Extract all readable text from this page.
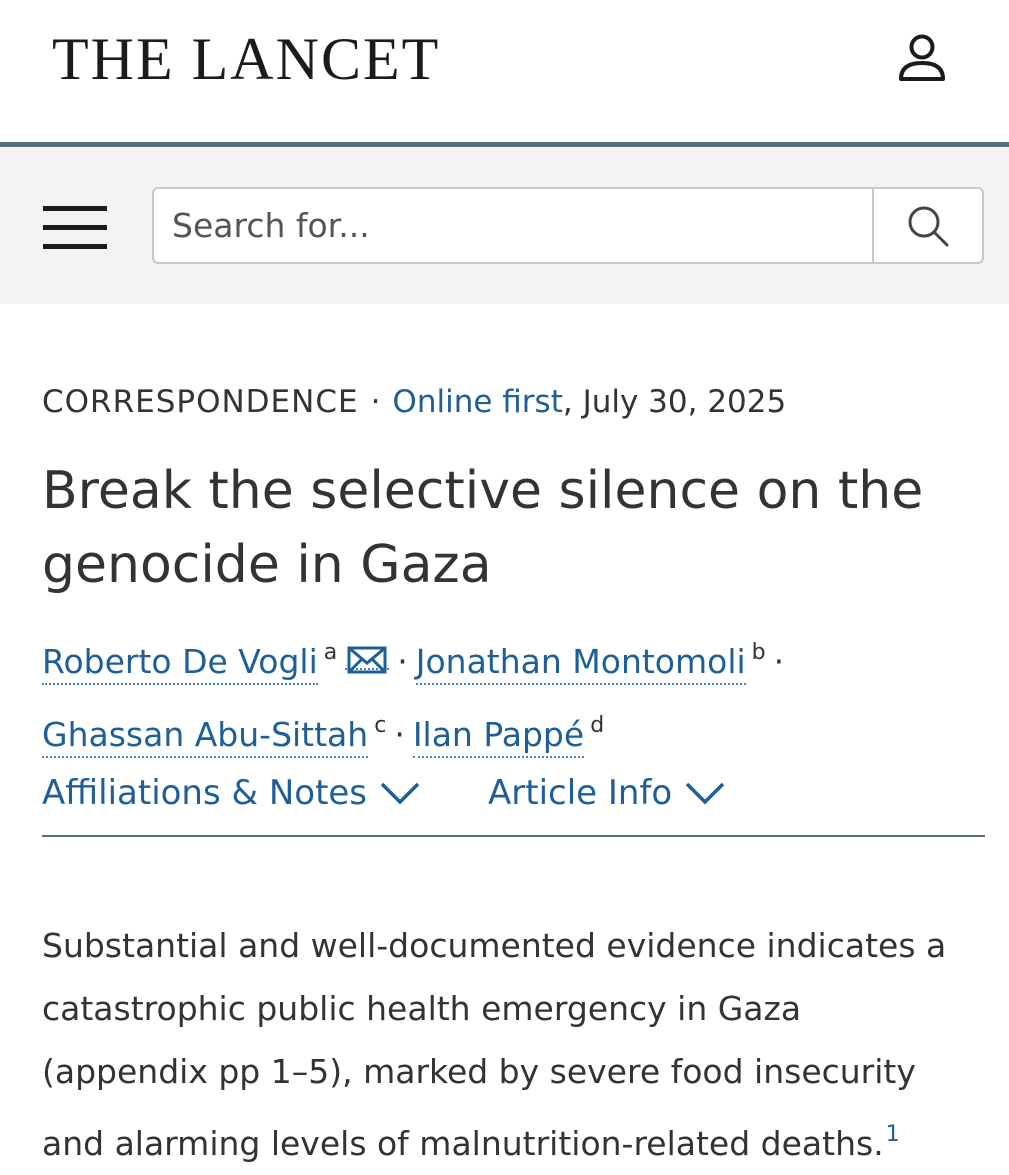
THE LANCET
Search for...
CORRESPONDENCE · Online first, July 30, 2025
Break the selective silence on the genocide in Gaza
Roberto De Vogli $^a$ · Jonathan Montomoli $^b$ ·
Ghassan Abu-Sittah $^c$ · Ilan Pappé $^d$
Affiliations & Notes	Article Info

Substantial and well-documented evidence indicates a catastrophic public health emergency in Gaza (appendix pp 1–5), marked by severe food insecurity and alarming levels of malnutrition-related deaths.$^1$
